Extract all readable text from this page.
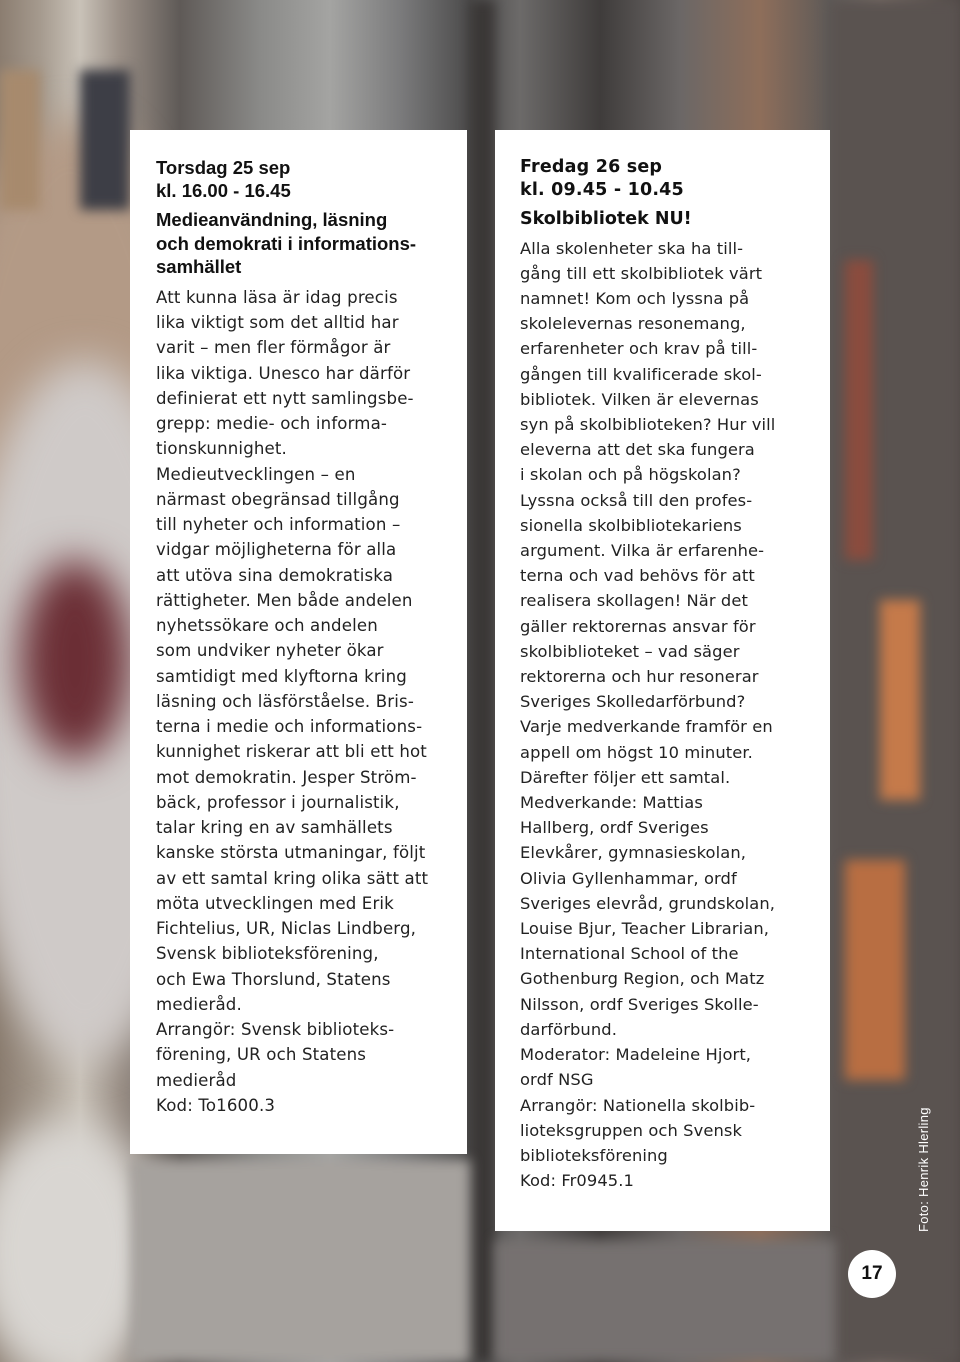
Torsdag 25 sep

kl. 16.00 - 16.45

Medieanvändning, läsning
och demokrati i informations-
samhället

Att kunna läsa är idag precis
lika viktigt som det alltid har
varit – men fler förmågor är
lika viktiga. Unesco har därför
definierat ett nytt samlingsbe-
grepp: medie- och informa-
tionskunnighet.
Medieutvecklingen – en
närmast obegränsad tillgång
till nyheter och information –
vidgar möjligheterna för alla
att utöva sina demokratiska
rättigheter. Men både andelen
nyhetssökare och andelen
som undviker nyheter ökar
samtidigt med klyftorna kring
läsning och läsförståelse. Bris-
terna i medie och informations-
kunnighet riskerar att bli ett hot
mot demokratin. Jesper Ström-
bäck, professor i journalistik,
talar kring en av samhällets
kanske största utmaningar, följt
av ett samtal kring olika sätt att
möta utvecklingen med Erik
Fichtelius, UR, Niclas Lindberg,
Svensk biblioteksförening,
och Ewa Thorslund, Statens
medieråd.
Arrangör: Svensk biblioteks-
förening, UR och Statens
medieråd
Kod: To1600.3

Fredag 26 sep

kl. 09.45 - 10.45

Skolbibliotek NU!

Alla skolenheter ska ha till-
gång till ett skolbibliotek värt
namnet! Kom och lyssna på
skolelevernas resonemang,
erfarenheter och krav på till-
gången till kvalificerade skol-
bibliotek. Vilken är elevernas
syn på skolbiblioteken? Hur vill
eleverna att det ska fungera
i skolan och på högskolan?
Lyssna också till den profes-
sionella skolbibliotekariens
argument. Vilka är erfarenhe-
terna och vad behövs för att
realisera skollagen! När det
gäller rektorernas ansvar för
skolbiblioteket – vad säger
rektorerna och hur resonerar
Sveriges Skolledarförbund?
Varje medverkande framför en
appell om högst 10 minuter.
Därefter följer ett samtal.
Medverkande: Mattias
Hallberg, ordf Sveriges
Elevkårer, gymnasieskolan,
Olivia Gyllenhammar, ordf
Sveriges elevråd, grundskolan,
Louise Bjur, Teacher Librarian,
International School of the
Gothenburg Region, och Matz
Nilsson, ordf Sveriges Skolle-
darförbund.
Moderator: Madeleine Hjort,
ordf NSG
Arrangör: Nationella skolbib-
lioteksgruppen och Svensk
biblioteksförening
Kod: Fr0945.1

17
Foto: Henrik Hlerling
